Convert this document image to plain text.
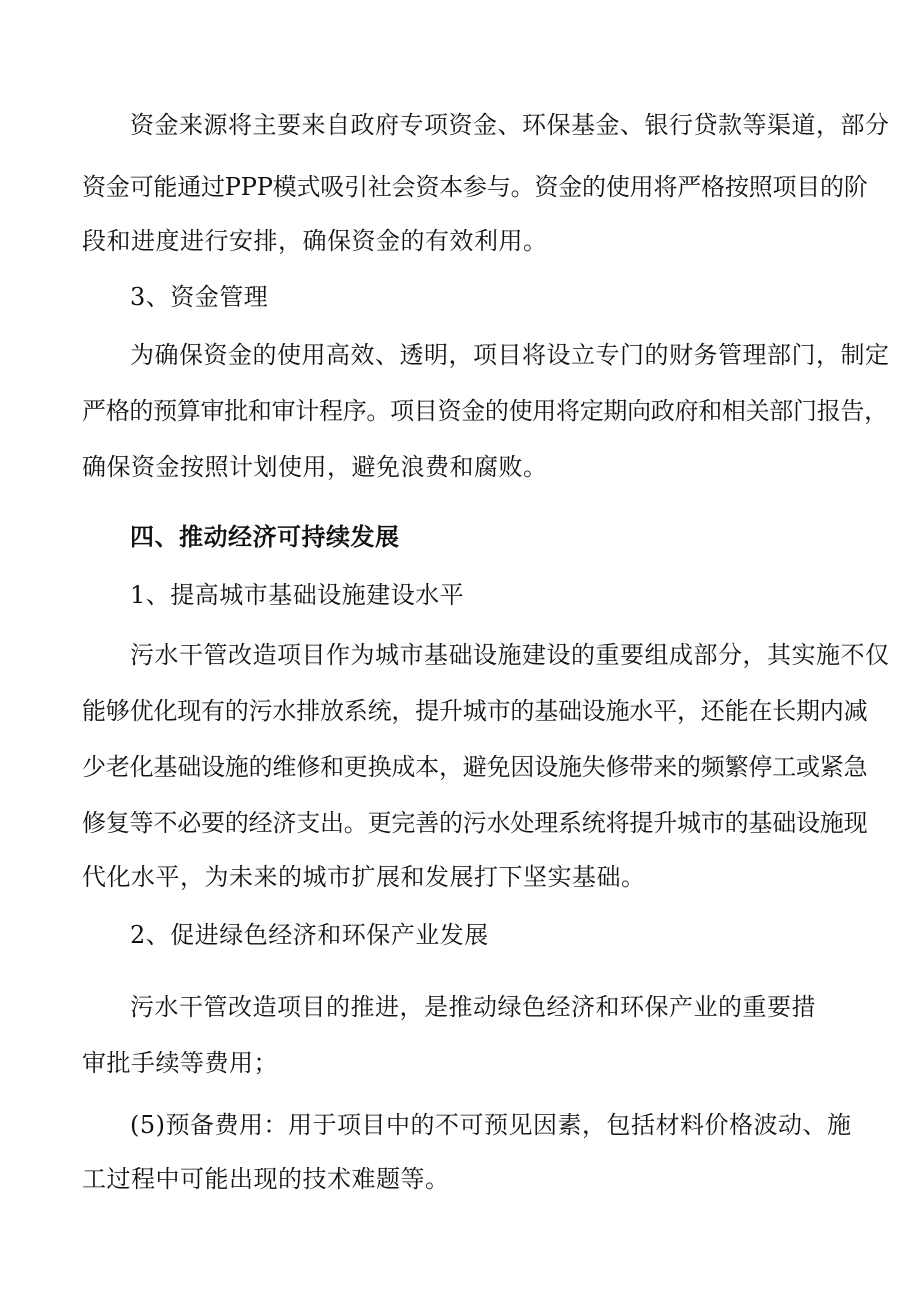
资金来源将主要来自政府专项资金、环保基金、银行贷款等渠道，部分
资金可能通过PPP模式吸引社会资本参与。资金的使用将严格按照项目的阶
段和进度进行安排，确保资金的有效利用。
3、资金管理
为确保资金的使用高效、透明，项目将设立专门的财务管理部门，制定
严格的预算审批和审计程序。项目资金的使用将定期向政府和相关部门报告，
确保资金按照计划使用，避免浪费和腐败。
四、推动经济可持续发展
1、提高城市基础设施建设水平
污水干管改造项目作为城市基础设施建设的重要组成部分，其实施不仅
能够优化现有的污水排放系统，提升城市的基础设施水平，还能在长期内减
少老化基础设施的维修和更换成本，避免因设施失修带来的频繁停工或紧急
修复等不必要的经济支出。更完善的污水处理系统将提升城市的基础设施现
代化水平，为未来的城市扩展和发展打下坚实基础。
2、促进绿色经济和环保产业发展
污水干管改造项目的推进，是推动绿色经济和环保产业的重要措
审批手续等费用；
(5)预备费用：用于项目中的不可预见因素，包括材料价格波动、施
工过程中可能出现的技术难题等。
